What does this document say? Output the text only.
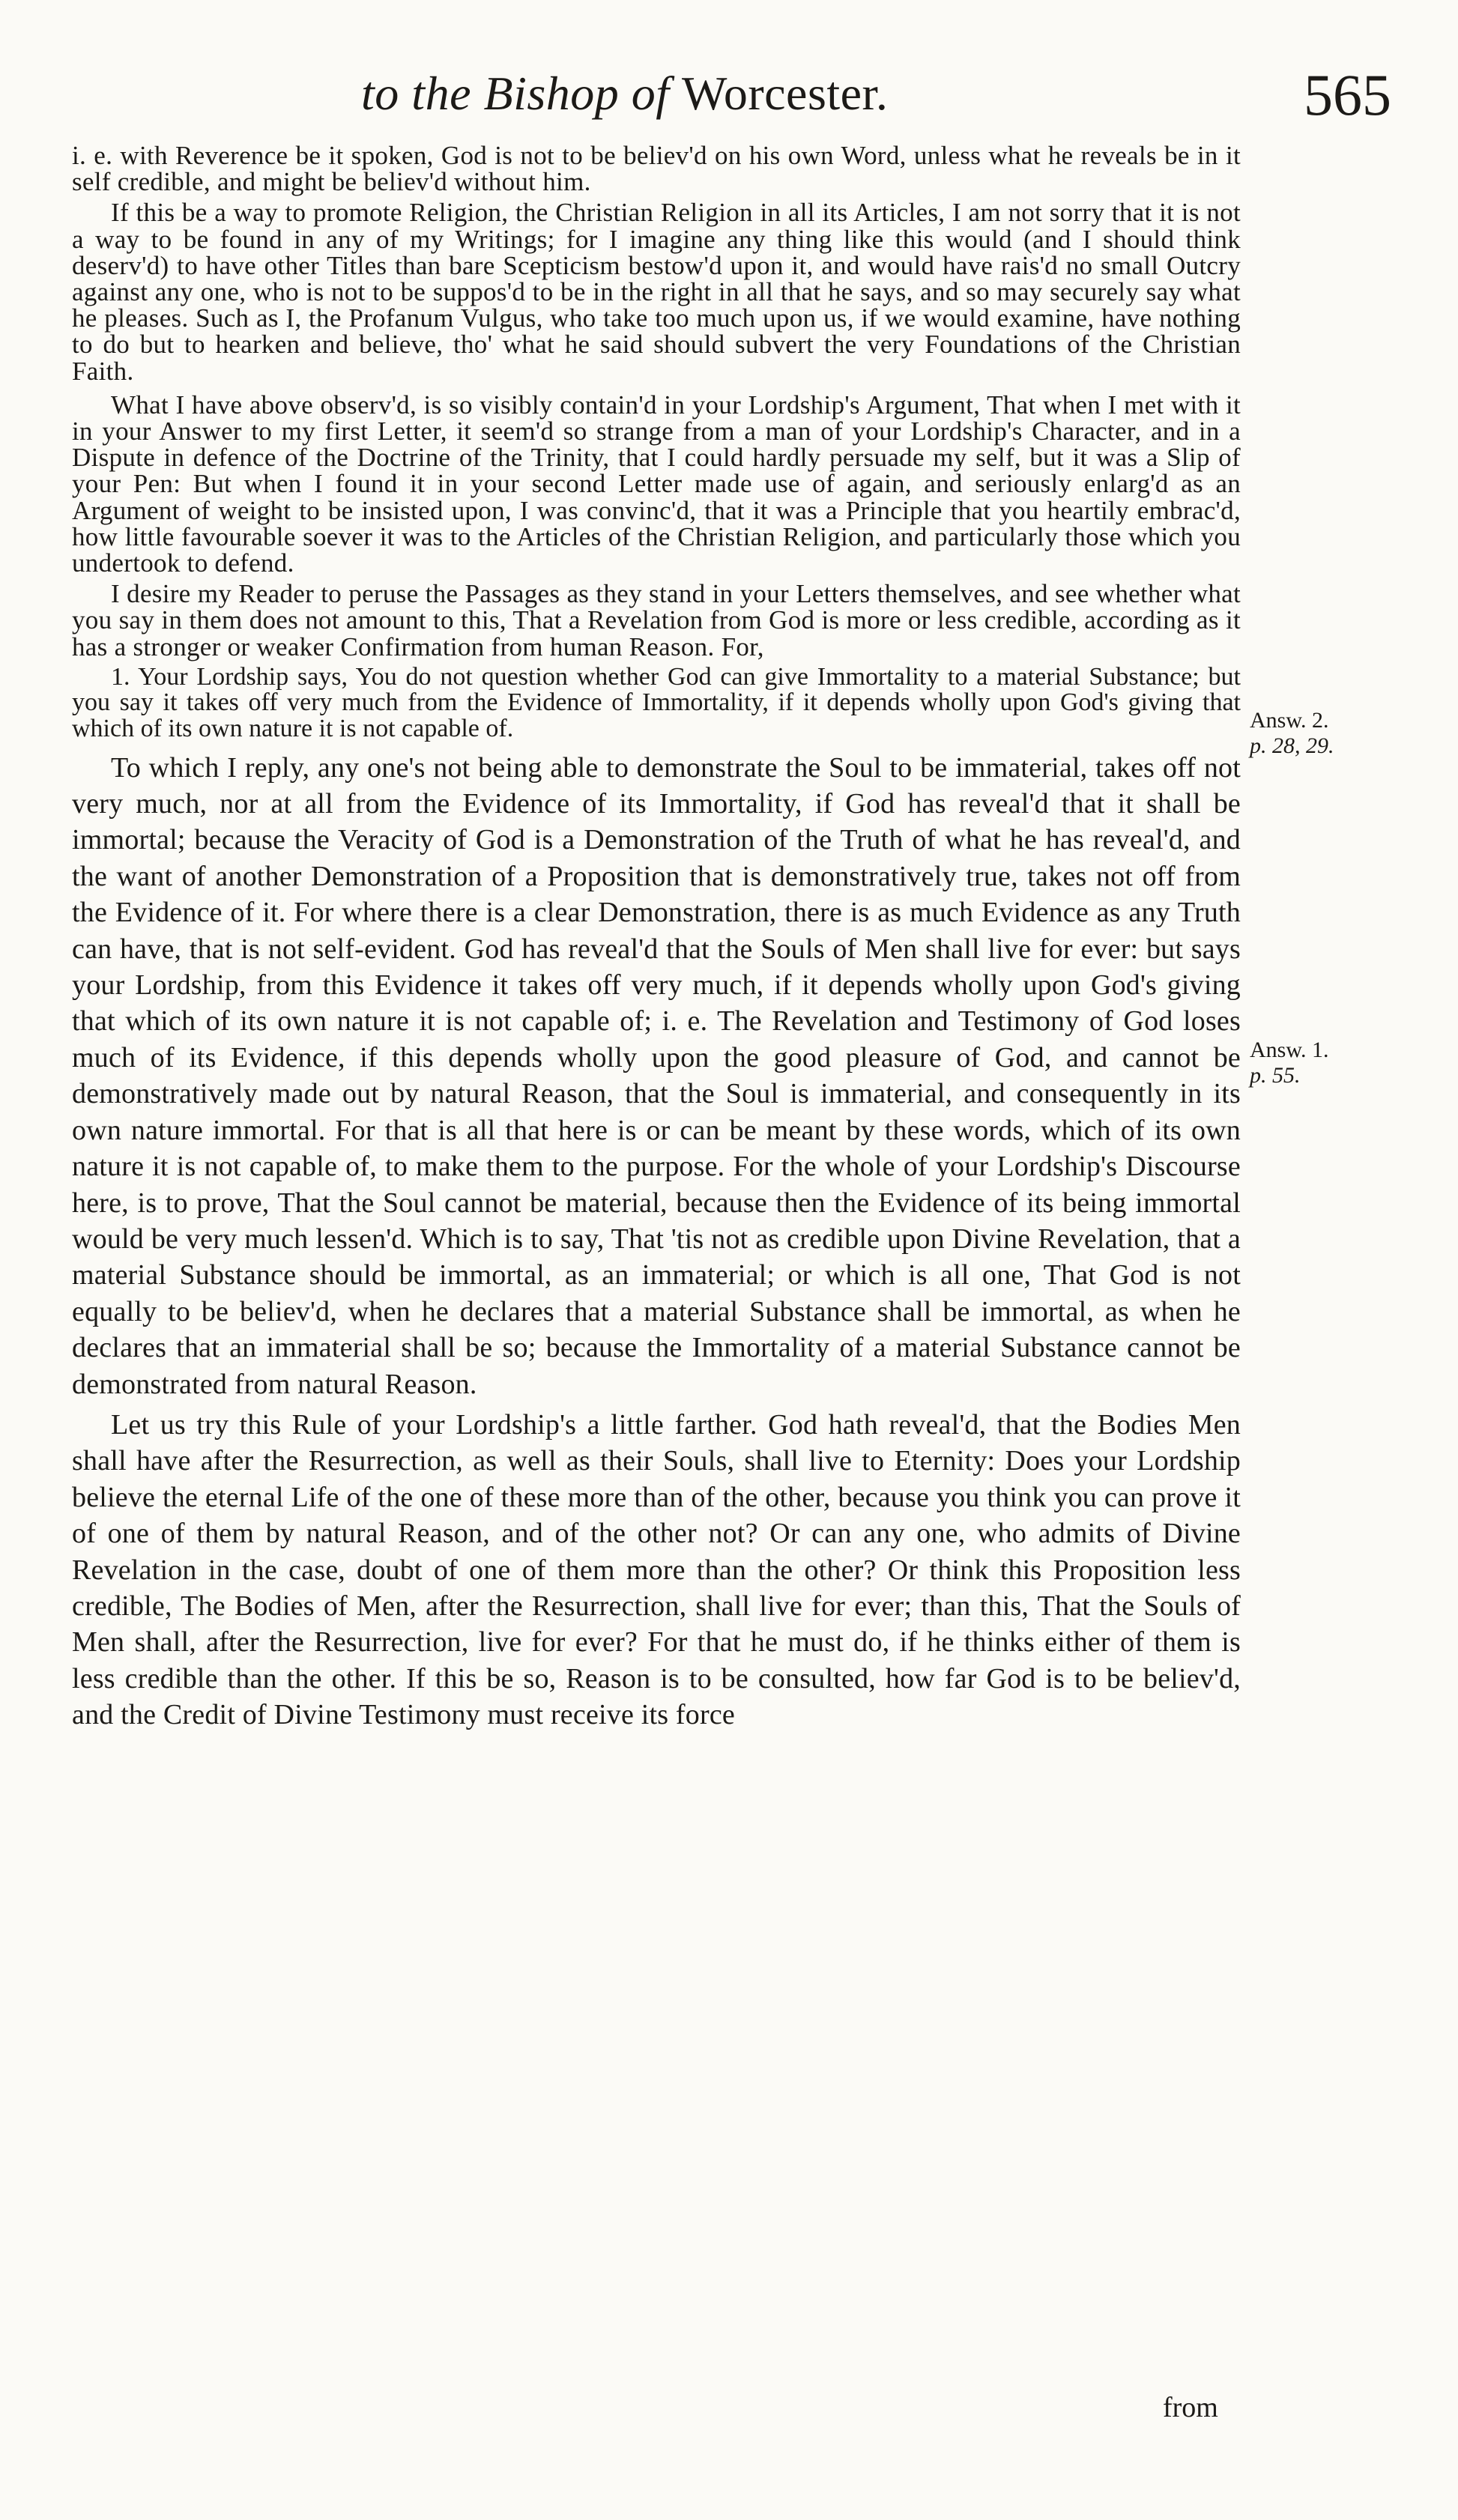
to the Bishop of Worcester.	565

i. e. with Reverence be it spoken, God is not to be believ'd on his own Word, unless what he reveals be in it self credible, and might be believ'd without him.

If this be a way to promote Religion, the Christian Religion in all its Articles, I am not sorry that it is not a way to be found in any of my Writings; for I imagine any thing like this would (and I should think deserv'd) to have other Titles than bare Scepticism bestow'd upon it, and would have rais'd no small Outcry against any one, who is not to be suppos'd to be in the right in all that he says, and so may securely say what he pleases. Such as I, the Profanum Vulgus, who take too much upon us, if we would examine, have nothing to do but to hearken and believe, tho' what he said should subvert the very Foundations of the Christian Faith.

What I have above observ'd, is so visibly contain'd in your Lordship's Argument, That when I met with it in your Answer to my first Letter, it seem'd so strange from a man of your Lordship's Character, and in a Dispute in defence of the Doctrine of the Trinity, that I could hardly persuade my self, but it was a Slip of your Pen: But when I found it in your second Letter made use of again, and seriously enlarg'd as an Argument of weight to be insisted upon, I was convinc'd, that it was a Principle that you heartily embrac'd, how little favourable soever it was to the Articles of the Christian Religion, and particularly those which you undertook to defend.

I desire my Reader to peruse the Passages as they stand in your Letters themselves, and see whether what you say in them does not amount to this, That a Revelation from God is more or less credible, according as it has a stronger or weaker Confirmation from human Reason. For,

1. Your Lordship says, You do not question whether God can give Immortality to a material Substance; but you say it takes off very much from the Evidence of Immortality, if it depends wholly upon God's giving that which of its own nature it is not capable of.

To which I reply, any one's not being able to demonstrate the Soul to be immaterial, takes off not very much, nor at all from the Evidence of its Immortality, if God has reveal'd that it shall be immortal; because the Veracity of God is a Demonstration of the Truth of what he has reveal'd, and the want of another Demonstration of a Proposition that is demonstratively true, takes not off from the Evidence of it. For where there is a clear Demonstration, there is as much Evidence as any Truth can have, that is not self-evident. God has reveal'd that the Souls of Men shall live for ever: but says your Lordship, from this Evidence it takes off very much, if it depends wholly upon God's giving that which of its own nature it is not capable of; i. e. The Revelation and Testimony of God loses much of its Evidence, if this depends wholly upon the good pleasure of God, and cannot be demonstratively made out by natural Reason, that the Soul is immaterial, and consequently in its own nature immortal. For that is all that here is or can be meant by these words, which of its own nature it is not capable of, to make them to the purpose. For the whole of your Lordship's Discourse here, is to prove, That the Soul cannot be material, because then the Evidence of its being immortal would be very much lessen'd. Which is to say, That 'tis not as credible upon Divine Revelation, that a material Substance should be immortal, as an immaterial; or which is all one, That God is not equally to be believ'd, when he declares that a material Substance shall be immortal, as when he declares that an immaterial shall be so; because the Immortality of a material Substance cannot be demonstrated from natural Reason.

Let us try this Rule of your Lordship's a little farther. God hath reveal'd, that the Bodies Men shall have after the Resurrection, as well as their Souls, shall live to Eternity: Does your Lordship believe the eternal Life of the one of these more than of the other, because you think you can prove it of one of them by natural Reason, and of the other not? Or can any one, who admits of Divine Revelation in the case, doubt of one of them more than the other? Or think this Proposition less credible, The Bodies of Men, after the Resurrection, shall live for ever; than this, That the Souls of Men shall, after the Resurrection, live for ever? For that he must do, if he thinks either of them is less credible than the other. If this be so, Reason is to be consulted, how far God is to be believ'd, and the Credit of Divine Testimony must receive its force

Answ. 2.
p. 28, 29.
Answ. 1.
p. 55.
from
